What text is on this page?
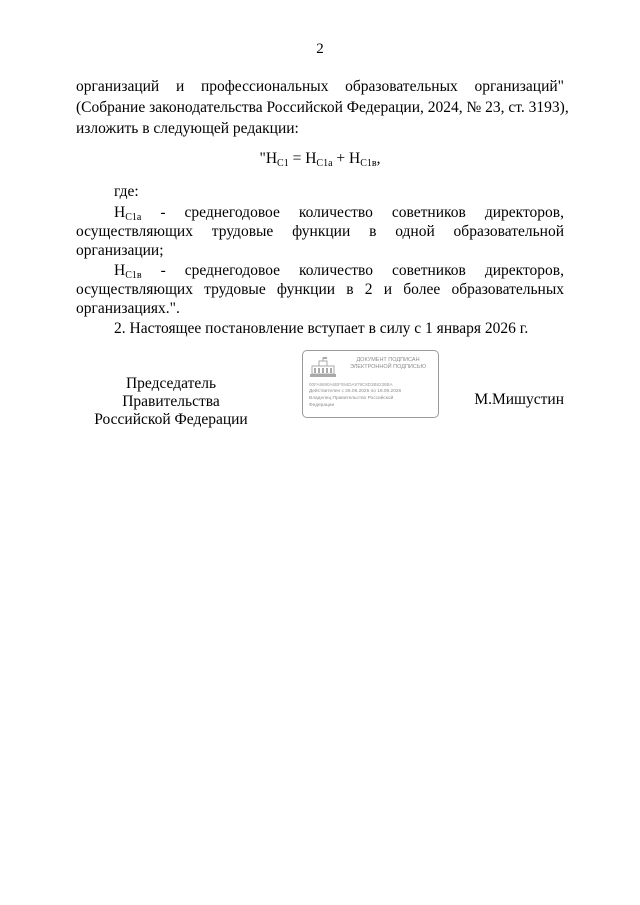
2
организаций и профессиональных образовательных организаций"
(Собрание законодательства Российской Федерации, 2024, № 23, ст. 3193),
изложить в следующей редакции:
"$Н_{C1} = Н_{C1а} + Н_{C1в}$,
где:
$Н_{C1а}$ - среднегодовое количество советников директоров,
осуществляющих трудовые функции в одной образовательной
организации;
$Н_{C1в}$ - среднегодовое количество советников директоров,
осуществляющих трудовые функции в 2 и более образовательных
организациях.".
2. Настоящее постановление вступает в силу с 1 января 2026 г.
Председатель Правительства
Российской Федерации
ДОКУМЕНТ ПОДПИСАН
ЭЛЕКТРОННОЙ ПОДПИСЬЮ
00FA8690A6BF094DA979C8D3B8238BA
Действителен с 26.06.2025 по 19.09.2026
Владелец Правительство Российской
Федерации	М.Мишустин
